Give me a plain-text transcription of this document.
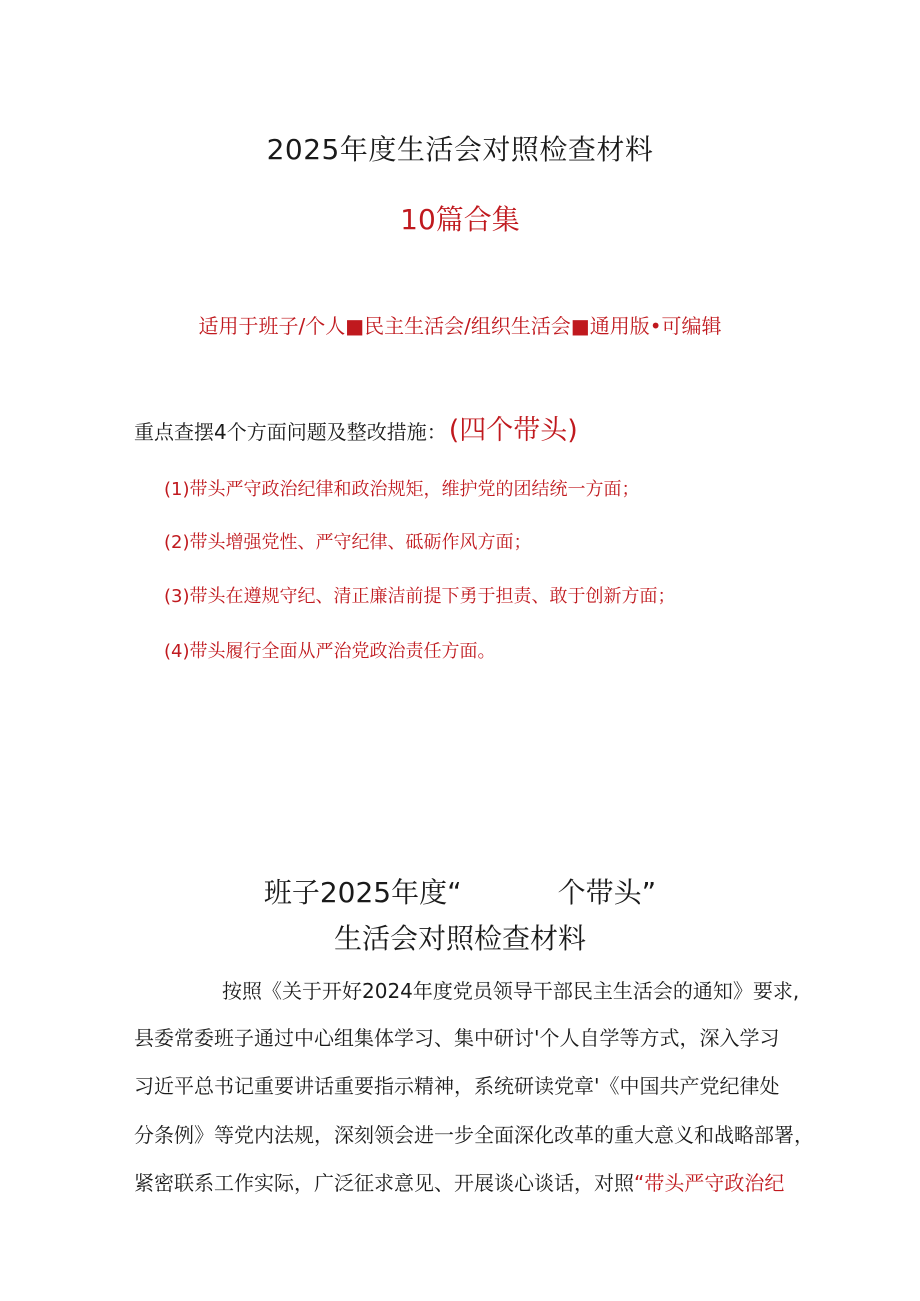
2025年度生活会对照检查材料
10篇合集
适用于班子/个人■民主生活会/组织生活会■通用版•可编辑
重点查摆4个方面问题及整改措施：(四个带头)
(1)带头严守政治纪律和政治规矩，维护党的团结统一方面；
(2)带头增强党性、严守纪律、砥砺作风方面；
(3)带头在遵规守纪、清正廉洁前提下勇于担责、敢于创新方面；
(4)带头履行全面从严治党政治责任方面。
班子2025年度“	个带头”
生活会对照检查材料
按照《关于开好2024年度党员领导干部民主生活会的通知》要求,
县委常委班子通过中心组集体学习、集中研讨'个人自学等方式，深入学习
习近平总书记重要讲话重要指示精神，系统研读党章'《中国共产党纪律处
分条例》等党内法规，深刻领会进一步全面深化改革的重大意义和战略部署，
紧密联系工作实际，广泛征求意见、开展谈心谈话，对照“带头严守政治纪
